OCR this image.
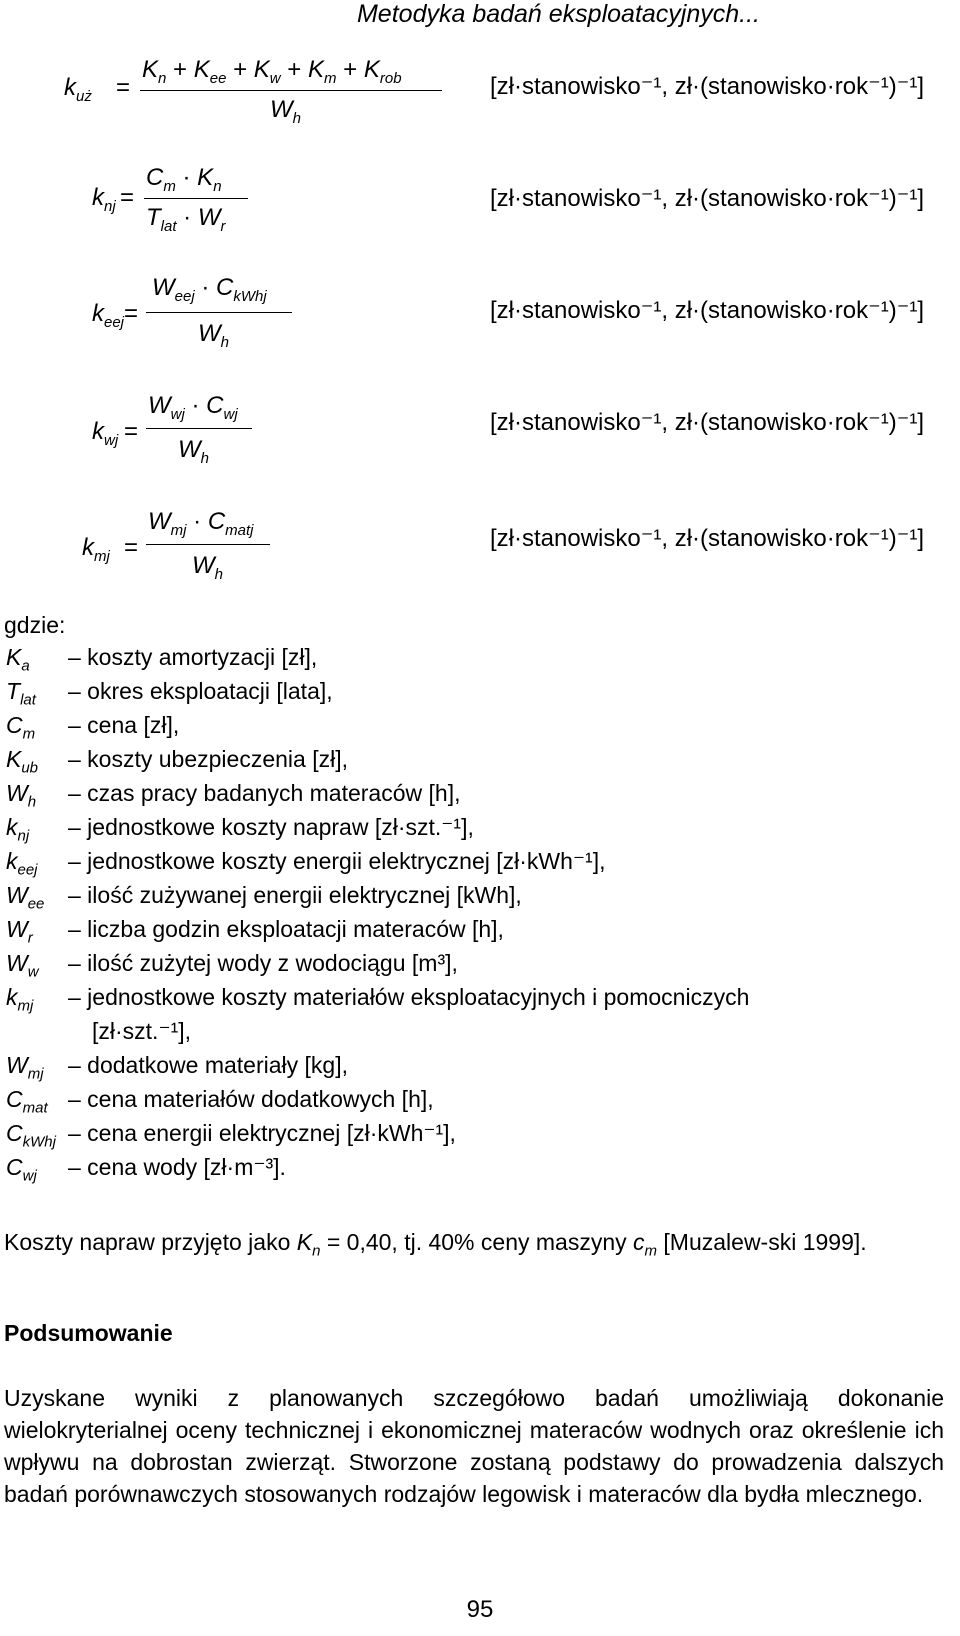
Metodyka badań eksploatacyjnych...
$k_{uż}$ =
$K_n + K_{ee} + K_w + K_m + K_{rob}$
$W_h$
[zł·stanowisko⁻¹, zł·(stanowisko·rok⁻¹)⁻¹]
$k_{nj}$ =
$C_m \cdot K_n$
$T_{lat} \cdot W_r$
[zł·stanowisko⁻¹, zł·(stanowisko·rok⁻¹)⁻¹]
$k_{eej}$ =
$W_{eej} \cdot C_{kWhj}$
$W_h$
[zł·stanowisko⁻¹, zł·(stanowisko·rok⁻¹)⁻¹]
$k_{wj}$ =
$W_{wj} \cdot C_{wj}$
$W_h$
[zł·stanowisko⁻¹, zł·(stanowisko·rok⁻¹)⁻¹]
$k_{mj}$ =
$W_{mj} \cdot C_{matj}$
$W_h$
[zł·stanowisko⁻¹, zł·(stanowisko·rok⁻¹)⁻¹]
gdzie:
$K_a$ – koszty amortyzacji [zł],
$T_{lat}$ – okres eksploatacji [lata],
$C_m$ – cena [zł],
$K_{ub}$ – koszty ubezpieczenia [zł],
$W_h$ – czas pracy badanych materaców [h],
$k_{nj}$ – jednostkowe koszty napraw [zł·szt.⁻¹],
$k_{eej}$ – jednostkowe koszty energii elektrycznej [zł·kWh⁻¹],
$W_{ee}$ – ilość zużywanej energii elektrycznej [kWh],
$W_r$ – liczba godzin eksploatacji materaców [h],
$W_w$ – ilość zużytej wody z wodociągu [m³],
$k_{mj}$ – jednostkowe koszty materiałów eksploatacyjnych i pomocniczych
[zł·szt.⁻¹],
$W_{mj}$ – dodatkowe materiały [kg],
$C_{mat}$ – cena materiałów dodatkowych [h],
$C_{kWhj}$ – cena energii elektrycznej [zł·kWh⁻¹],
$C_{wj}$ – cena wody [zł·m⁻³].
Koszty napraw przyjęto jako $K_n = 0,40$, tj. 40% ceny maszyny $c_m$ [Muzalew-ski 1999].
Podsumowanie
Uzyskane wyniki z planowanych szczegółowo badań umożliwiają dokonanie wielokryterialnej oceny technicznej i ekonomicznej materaców wodnych oraz określenie ich wpływu na dobrostan zwierząt. Stworzone zostaną podstawy do prowadzenia dalszych badań porównawczych stosowanych rodzajów legowisk i materaców dla bydła mlecznego.
95
